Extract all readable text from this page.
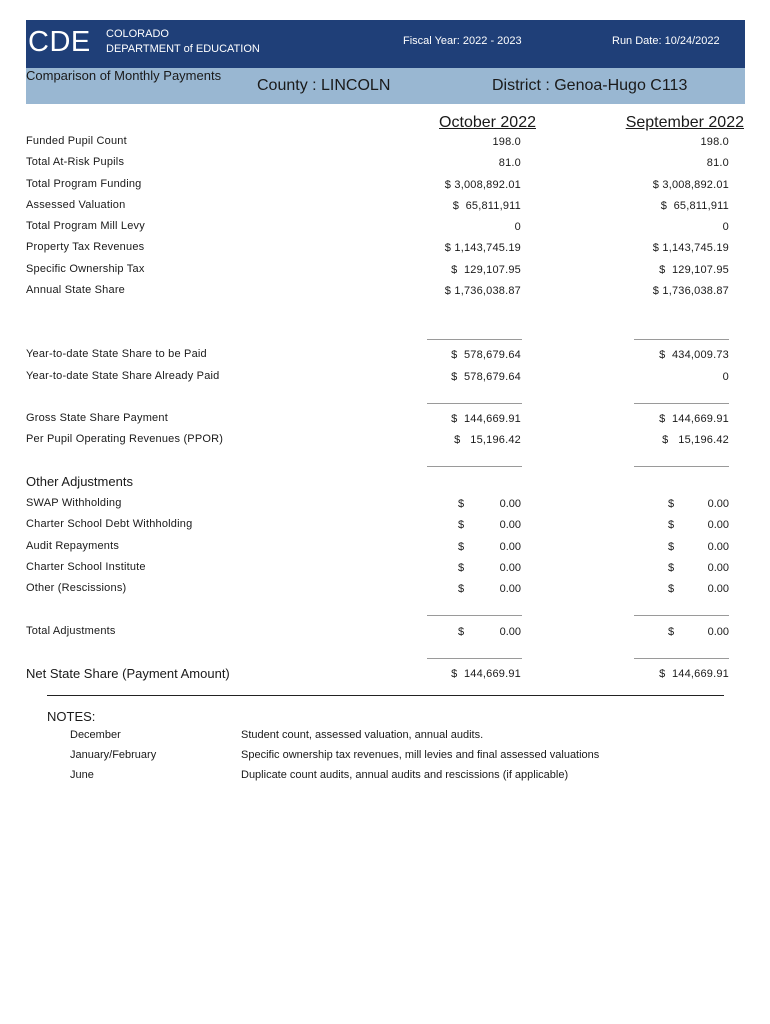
CDE COLORADO
DEPARTMENT of EDUCATION
Fiscal Year: 2022 - 2023	Run Date: 10/24/2022
Comparison of Monthly Payments
County : LINCOLN	District : Genoa-Hugo C113
October 2022	September 2022
Funded Pupil Count	198.0	198.0
Total At-Risk Pupils	81.0	81.0
Total Program Funding	$ 3,008,892.01	$ 3,008,892.01
Assessed Valuation	$  65,811,911	$  65,811,911
Total Program Mill Levy	0	0
Property Tax Revenues	$ 1,143,745.19	$ 1,143,745.19
Specific Ownership Tax	$  129,107.95	$  129,107.95
Annual State Share	$ 1,736,038.87	$ 1,736,038.87
Year-to-date State Share to be Paid	$  578,679.64	$  434,009.73
Year-to-date State Share Already Paid	$  578,679.64	0
Gross State Share Payment	$  144,669.91	$  144,669.91
Per Pupil Operating Revenues (PPOR)	$   15,196.42	$   15,196.42
Other Adjustments
SWAP Withholding	$	0.00	$	0.00
Charter School Debt Withholding	$	0.00	$	0.00
Audit Repayments	$	0.00	$	0.00
Charter School Institute	$	0.00	$	0.00
Other (Rescissions)	$	0.00	$	0.00
Total Adjustments	$	0.00	$	0.00
Net State Share (Payment Amount)	$  144,669.91	$  144,669.91
NOTES:
December	Student count, assessed valuation, annual audits.
January/February	Specific ownership tax revenues, mill levies and final assessed valuations
June	Duplicate count audits, annual audits and rescissions (if applicable)
